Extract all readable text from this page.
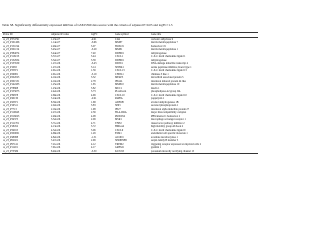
Table S8. Significantly differentially expressed mRNAs of GSE25599 data source with the criteria of adjusted P<0.05 and logFC>1.5
Probe ID	Adjusted P-value	logFC	Gene symbol	Gene title
A_23_P374791	1.23e-07	-4.91	CA9	carbonic anhydrase 9
A_23_P101406	1.14e-07	-3.66	MMP7	matrix metallopeptidase 7
A_23_P151194	2.48e-07	3.07	HOXC9	homeobox C9
A_23_P201154	3.45e-07	-3.29	MMP1	matrix metallopeptidase 1
A_24_P384074	3.44e-07	7.40	DDHD1	dehydrogenase
A_23_P116153	3.57e-07	3.44	CXCL1	C-X-C motif chemokine ligand 1
A_23_P132954	3.32e-07	3.38	DDHD1	dehydrogenase
A_23_P133559	1.27e-06	-3.43	DDIT4	DNA damage inducible transcript 4
A_23_P1063	1.27e-06	3.14	SPINK1	serine peptidase inhibitor, Kazal type 1
A_23_P35871	2.91e-06	1.59	CXCL13	C-X-C motif chemokine ligand 13
A_23_P26981	2.91e-06	-3.19	CHI3L1	chitinase 3 like 1
A_23_P202023	4.10e-06	3.32	MFAP5	microfibril associated protein 5
A_23_P201551	4.10e-06	2.78	IFI44L	interferon induced protein 44 like
A_23_P142433	1.25e-06	1.65	MMP10	matrix metallopeptidase 10
A_23_P78808	1.23e-06	3.82	MUC1	mucin 1
A_23_P155675	2.42e-06	3.73	PLA2G2A	phospholipase A2 group IIA
A_23_P39878	2.69e-06	4.99	CXCL10	C-X-C motif chemokine ligand 10
A_23_P40130	5.24e-06	-2.91	PAPPA	pappalysin 1
A_23_P45871	8.30e-06	1.68	ADH1B	alcohol dehydrogenase 1B
A_23_P16511	2.02e-06	3.83	SPP1	secreted phosphoprotein 1
A_23_P7713	2.16e-06	1.98	IFI27	interferon alpha inducible protein 27
A_23_P119943	2.27e-06	2.39	HLA-DRA	major histocompatibility complex
A_23_P216023	2.48e-06	4.08	PKNOX2	PBX/knotted 1 homeobox 2
A_23_P34375	3.52e-06	2.09	MSR1	macrophage scavenger receptor 1
A_23_P111701	3.71e-06	4.71	TFPI2	tissue factor pathway inhibitor 2
A_23_P18452	4.13e-06	3.72	HMGA2	high mobility group AT-hook 2
A_23_P34915	4.52e-06	3.06	CXCL9	C-X-C motif chemokine ligand 9
A_24_P200001	4.68e-06	1.29	ESM1	endothelial cell specific molecule 1
A_23_P48088	4.82e-06	-1.51	ACOD1	aconitate decarboxylase 1
A_23_P62021	5.47e-06	2.99	SERPINB5	serpin family B member 5
A_23_P97141	7.21e-06	4.12	TREM2	triggering receptor expressed on myeloid cells 2
A_23_P11201	7.91e-06	4.17	GREM1	gremlin 1
A_23_P73589	8.40e-06	-3.30	KCNJ15	potassium inwardly rectifying channel 15
